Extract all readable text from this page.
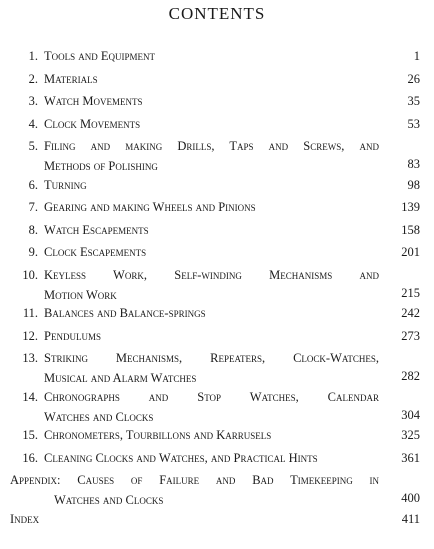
CONTENTS
1. Tools and Equipment	1
2. Materials	26
3. Watch Movements	35
4. Clock Movements	53
5. Filing and making Drills, Taps and Screws, and
Methods of Polishing	83
6. Turning	98
7. Gearing and making Wheels and Pinions	139
8. Watch Escapements	158
9. Clock Escapements	201
10. Keyless Work, Self-winding Mechanisms and
Motion Work	215
11. Balances and Balance-springs	242
12. Pendulums	273
13. Striking Mechanisms, Repeaters, Clock-Watches,
Musical and Alarm Watches	282
14. Chronographs and Stop Watches, Calendar
Watches and Clocks	304
15. Chronometers, Tourbillons and Karrusels	325
16. Cleaning Clocks and Watches, and Practical Hints	361
Appendix: Causes of Failure and Bad Timekeeping in
Watches and Clocks	400
Index	411
